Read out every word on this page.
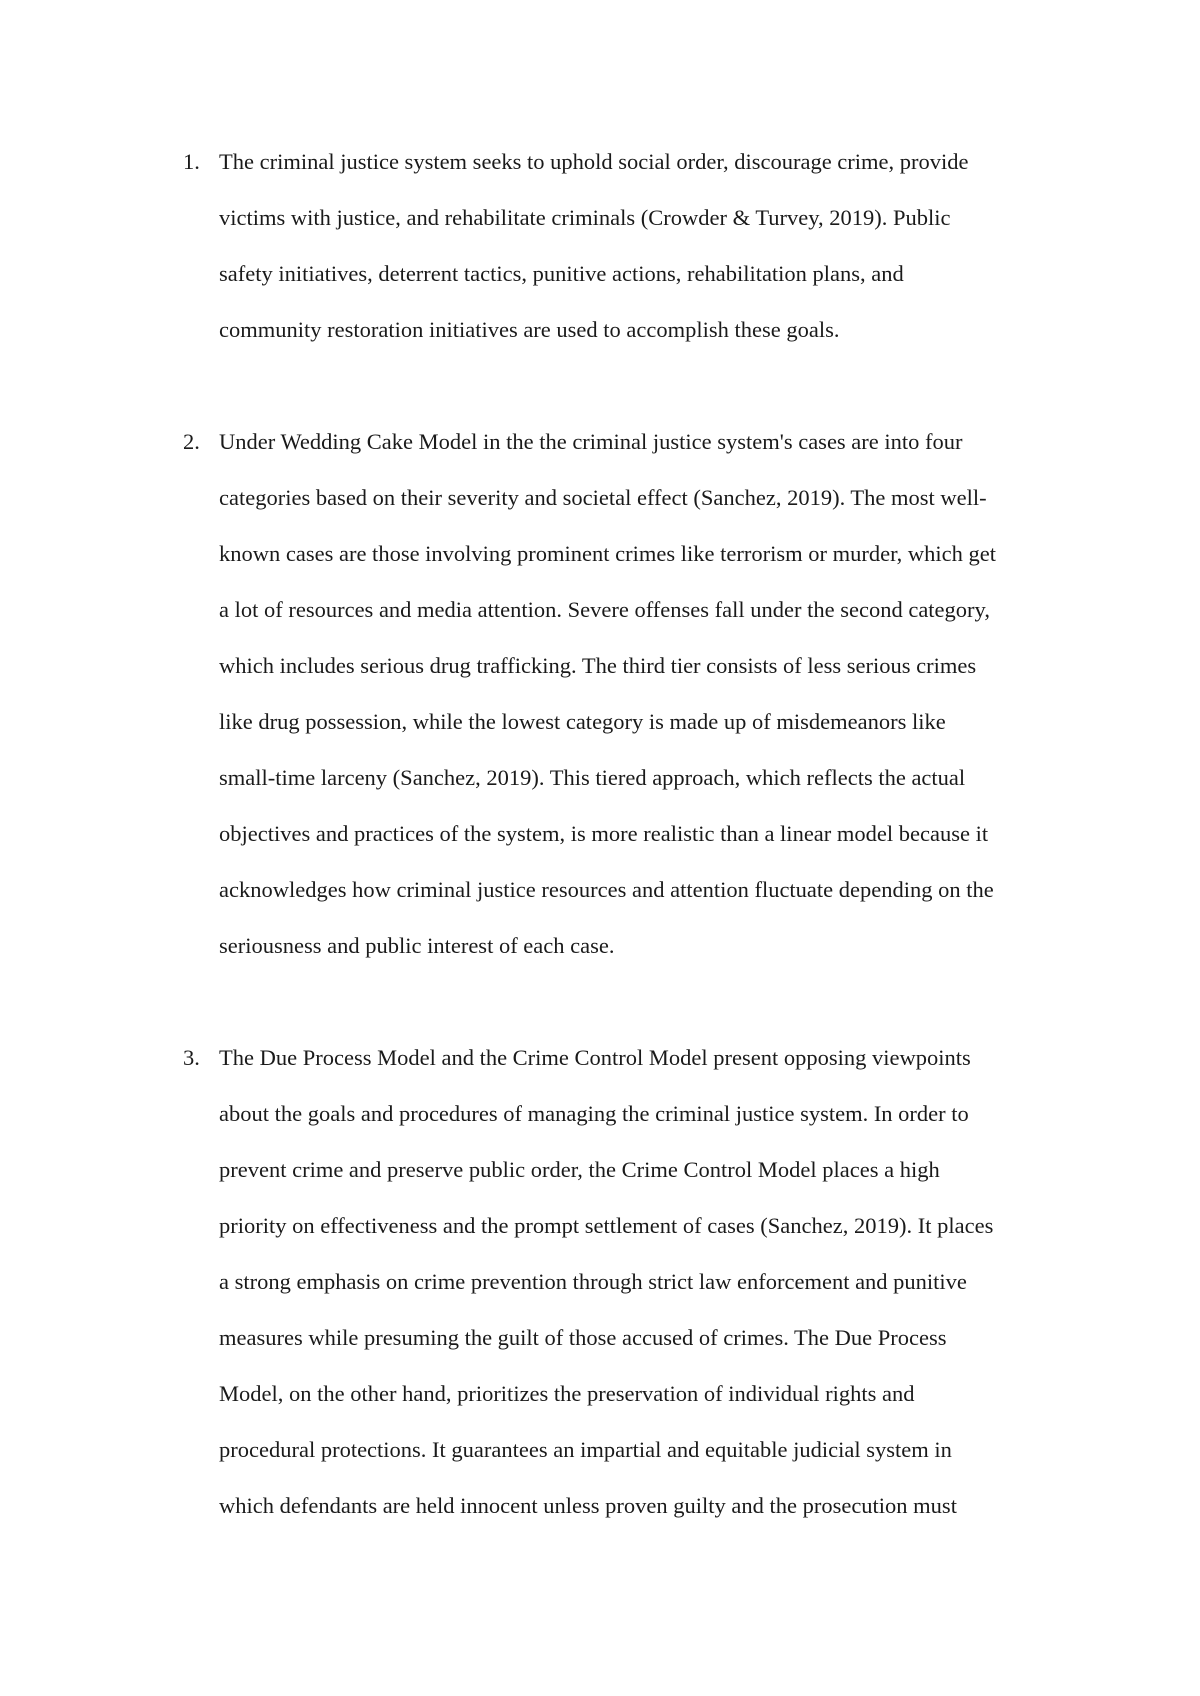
1. The criminal justice system seeks to uphold social order, discourage crime, provide
victims with justice, and rehabilitate criminals (Crowder & Turvey, 2019). Public
safety initiatives, deterrent tactics, punitive actions, rehabilitation plans, and
community restoration initiatives are used to accomplish these goals.
2. Under Wedding Cake Model in the the criminal justice system's cases are into four
categories based on their severity and societal effect (Sanchez, 2019). The most well-
known cases are those involving prominent crimes like terrorism or murder, which get
a lot of resources and media attention. Severe offenses fall under the second category,
which includes serious drug trafficking. The third tier consists of less serious crimes
like drug possession, while the lowest category is made up of misdemeanors like
small-time larceny (Sanchez, 2019). This tiered approach, which reflects the actual
objectives and practices of the system, is more realistic than a linear model because it
acknowledges how criminal justice resources and attention fluctuate depending on the
seriousness and public interest of each case.
3. The Due Process Model and the Crime Control Model present opposing viewpoints
about the goals and procedures of managing the criminal justice system. In order to
prevent crime and preserve public order, the Crime Control Model places a high
priority on effectiveness and the prompt settlement of cases (Sanchez, 2019). It places
a strong emphasis on crime prevention through strict law enforcement and punitive
measures while presuming the guilt of those accused of crimes. The Due Process
Model, on the other hand, prioritizes the preservation of individual rights and
procedural protections. It guarantees an impartial and equitable judicial system in
which defendants are held innocent unless proven guilty and the prosecution must
